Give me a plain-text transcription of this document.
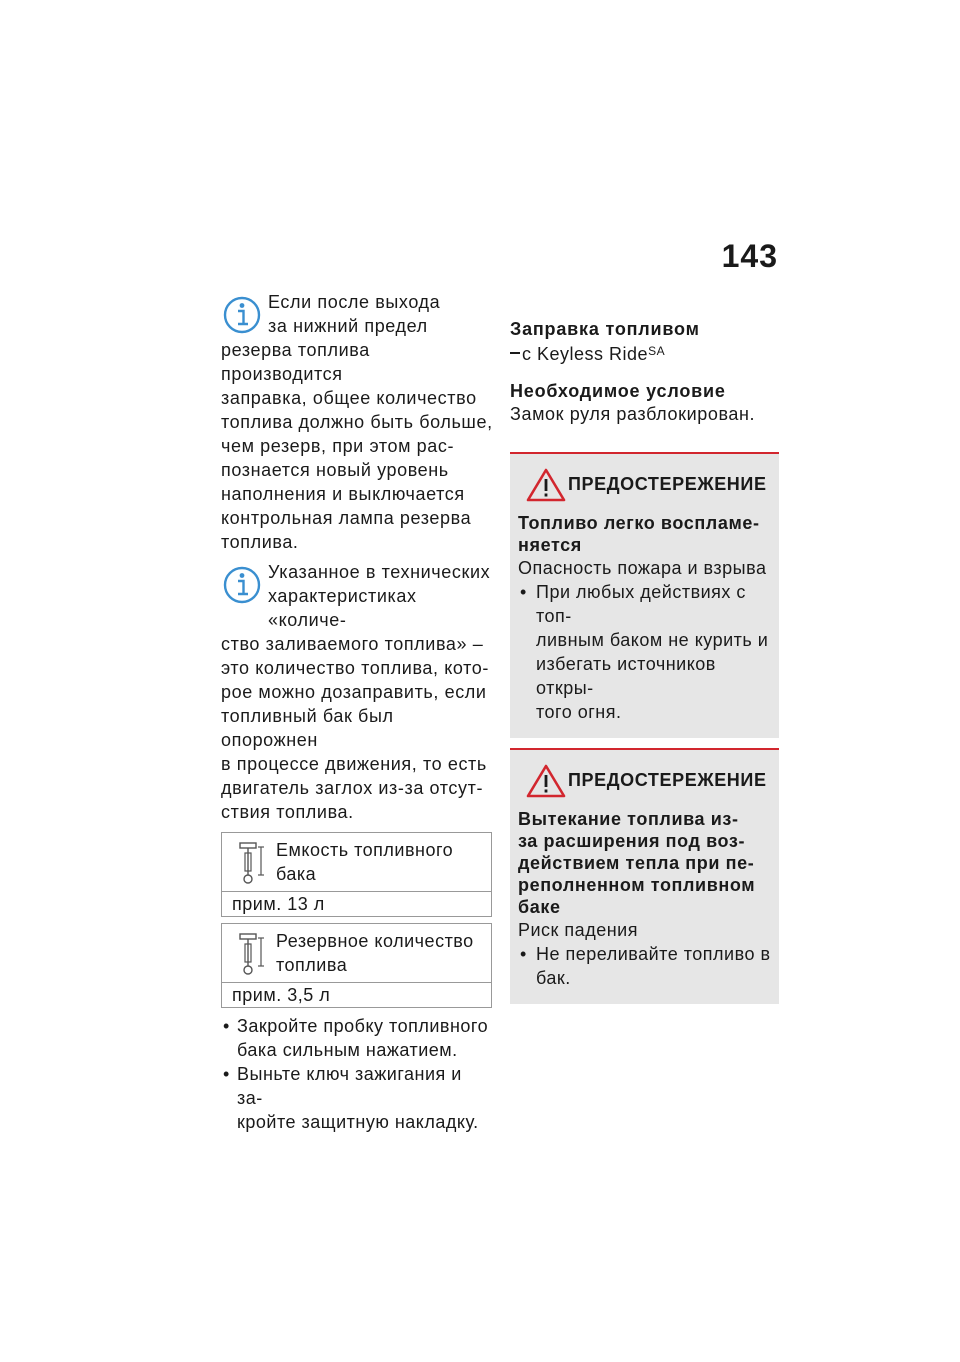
143
Если после выхода
за нижний предел
резерва топлива производится
заправка, общее количество
топлива должно быть больше,
чем резерв, при этом рас-
познается новый уровень
наполнения и выключается
контрольная лампа резерва
топлива.
Указанное в технических
характеристиках «количе-
ство заливаемого топлива» –
это количество топлива, кото-
рое можно дозаправить, если
топливный бак был опорожнен
в процессе движения, то есть
двигатель заглох из-за отсут-
ствия топлива.
Емкость топливного
бака
прим. 13 л
Резервное количество
топлива
прим. 3,5 л
• Закройте пробку топливного
бака сильным нажатием.
• Выньте ключ зажигания и за-
кройте защитную накладку.
Заправка топливом
с Keyless Ride$^{SA}$
Необходимое условие
Замок руля разблокирован.
ПРЕДОСТЕРЕЖЕНИЕ
Топливо легко воспламе-
няется
Опасность пожара и взрыва
• При любых действиях с топ-
ливным баком не курить и
избегать источников откры-
того огня.
ПРЕДОСТЕРЕЖЕНИЕ
Вытекание топлива из-
за расширения под воз-
действием тепла при пе-
реполненном топливном
баке
Риск падения
• Не переливайте топливо в
бак.
